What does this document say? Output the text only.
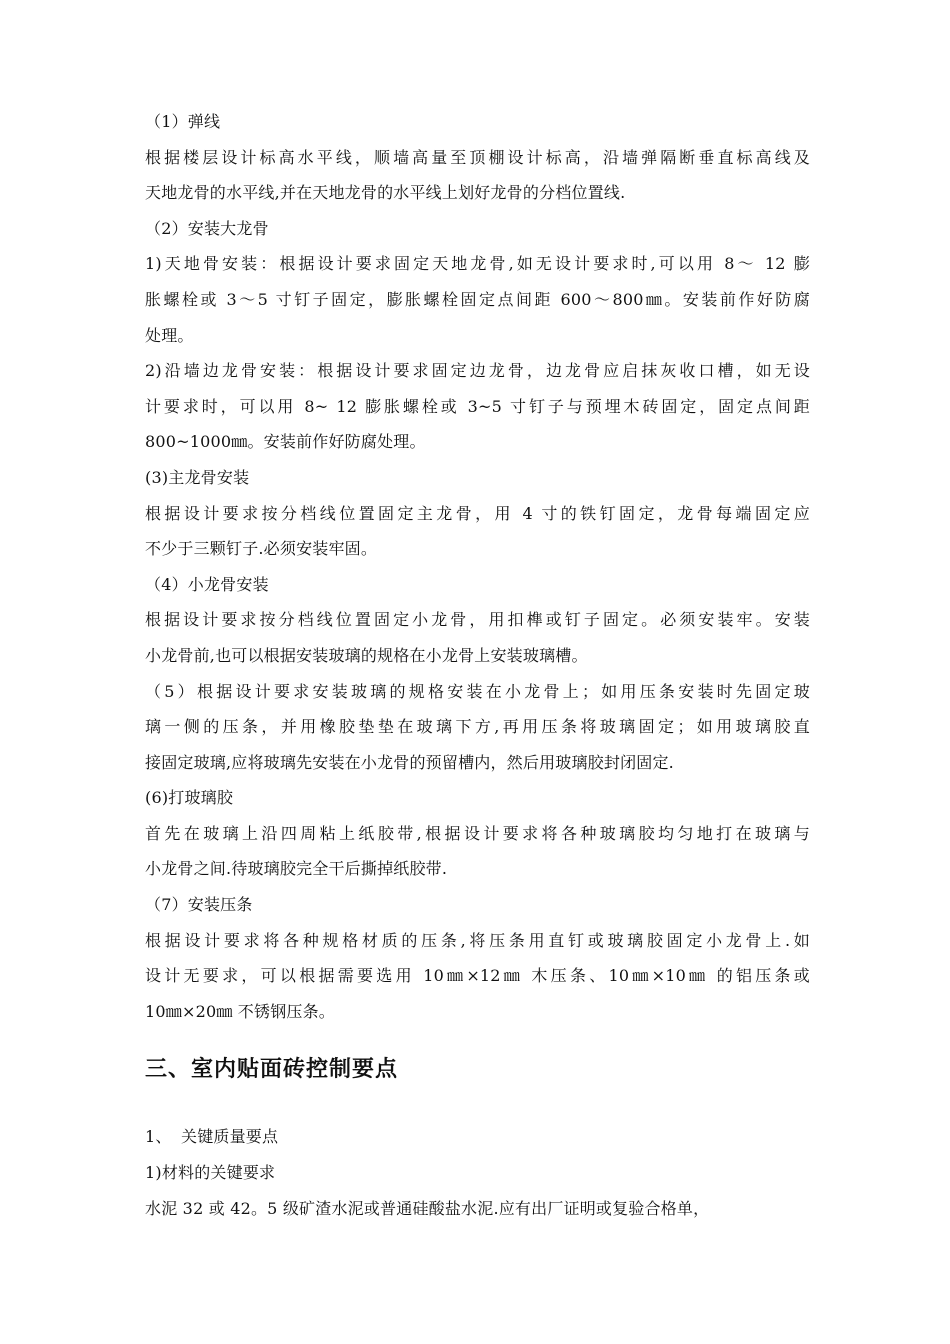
（1）弹线
根据楼层设计标高水平线，顺墙高量至顶棚设计标高，沿墙弹隔断垂直标高线及
天地龙骨的水平线,并在天地龙骨的水平线上划好龙骨的分档位置线.
（2）安装大龙骨
1)天地骨安装：根据设计要求固定天地龙骨,如无设计要求时,可以用 8～ 12 膨
胀螺栓或 3～5 寸钉子固定，膨胀螺栓固定点间距 600～800㎜。安装前作好防腐
处理。
2)沿墙边龙骨安装：根据设计要求固定边龙骨，边龙骨应启抹灰收口槽，如无设
计要求时，可以用 8~ 12 膨胀螺栓或 3~5 寸钉子与预埋木砖固定，固定点间距
800~1000㎜。安装前作好防腐处理。
(3)主龙骨安装
根据设计要求按分档线位置固定主龙骨，用 4 寸的铁钉固定，龙骨每端固定应
不少于三颗钉子.必须安装牢固。
（4）小龙骨安装
根据设计要求按分档线位置固定小龙骨，用扣榫或钉子固定。必须安装牢。安装
小龙骨前,也可以根据安装玻璃的规格在小龙骨上安装玻璃槽。
（5）根据设计要求安装玻璃的规格安装在小龙骨上；如用压条安装时先固定玻
璃一侧的压条，并用橡胶垫垫在玻璃下方,再用压条将玻璃固定；如用玻璃胶直
接固定玻璃,应将玻璃先安装在小龙骨的预留槽内，然后用玻璃胶封闭固定.
(6)打玻璃胶
首先在玻璃上沿四周粘上纸胶带,根据设计要求将各种玻璃胶均匀地打在玻璃与
小龙骨之间.待玻璃胶完全干后撕掉纸胶带.
（7）安装压条
根据设计要求将各种规格材质的压条,将压条用直钉或玻璃胶固定小龙骨上.如
设计无要求，可以根据需要选用 10㎜×12㎜ 木压条、10㎜×10㎜ 的铝压条或
10㎜×20㎜ 不锈钢压条。
三、室内贴面砖控制要点
1、 关键质量要点
1)材料的关键要求
水泥 32 或 42。5 级矿渣水泥或普通硅酸盐水泥.应有出厂证明或复验合格单，
